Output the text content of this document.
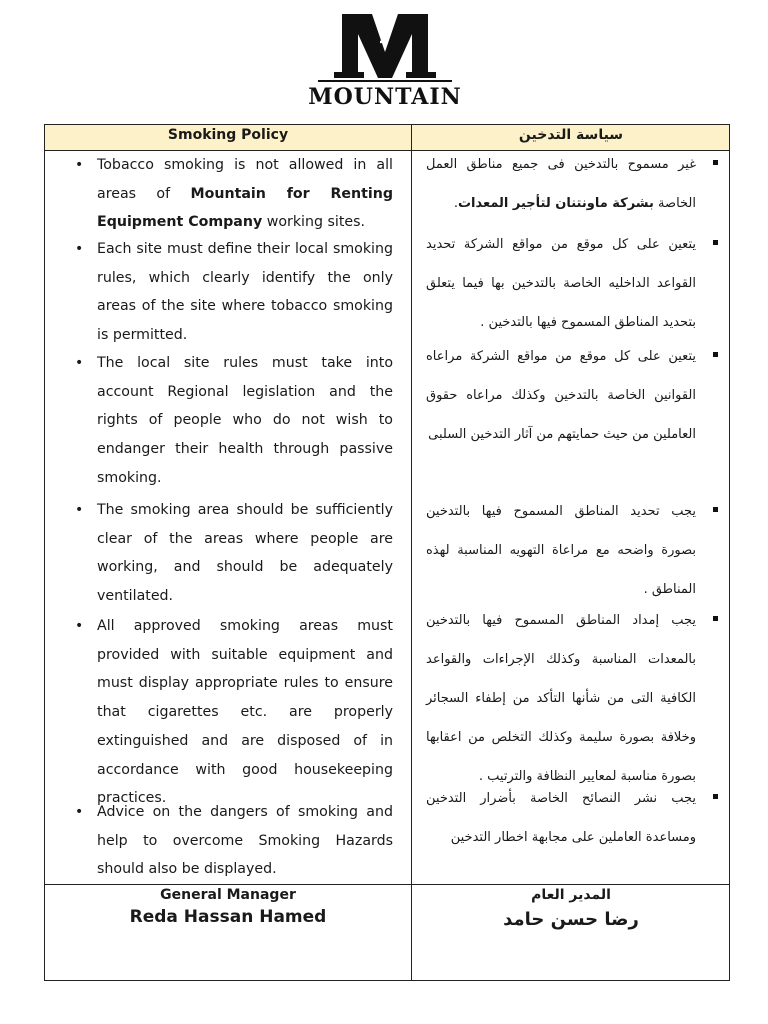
MOUNTAIN
Smoking Policy	سياسة التدخين
• Tobacco smoking is not allowed in all areas of Mountain for Renting Equipment Company working sites.
• Each site must define their local smoking rules, which clearly identify the only areas of the site where tobacco smoking is permitted.
• The local site rules must take into account Regional legislation and the rights of people who do not wish to endanger their health through passive smoking.
• The smoking area should be sufficiently clear of the areas where people are working, and should be adequately ventilated.
• All approved smoking areas must provided with suitable equipment and must display appropriate rules to ensure that cigarettes etc. are properly extinguished and are disposed of in accordance with good housekeeping practices.
• Advice on the dangers of smoking and help to overcome Smoking Hazards should also be displayed.
غير مسموح بالتدخين فى جميع مناطق العمل الخاصة بشركة ماونتنان لتأجير المعدات.
يتعين على كل موقع من مواقع الشركة تحديد القواعد الداخليه الخاصة بالتدخين بها فيما يتعلق بتحديد المناطق المسموح فيها بالتدخين .
يتعين على كل موقع من مواقع الشركة مراعاه القوانين الخاصة بالتدخين وكذلك مراعاه حقوق العاملين من حيث حمايتهم من آثار التدخين السلبى
يجب تحديد المناطق المسموح فيها بالتدخين بصورة واضحه مع مراعاة التهويه المناسبة لهذه المناطق .
يجب إمداد المناطق المسموح فيها بالتدخين بالمعدات المناسبة وكذلك الإجراءات والقواعد الكافية التى من شأنها التأكد من إطفاء السجائر وخلافة بصورة سليمة وكذلك التخلص من اعقابها بصورة مناسبة لمعايير النظافة والترتيب .
يجب نشر النصائح الخاصة بأضرار التدخين ومساعدة العاملين على مجابهة اخطار التدخين
General Manager
Reda Hassan Hamed
المدير العام
رضا حسن حامد
